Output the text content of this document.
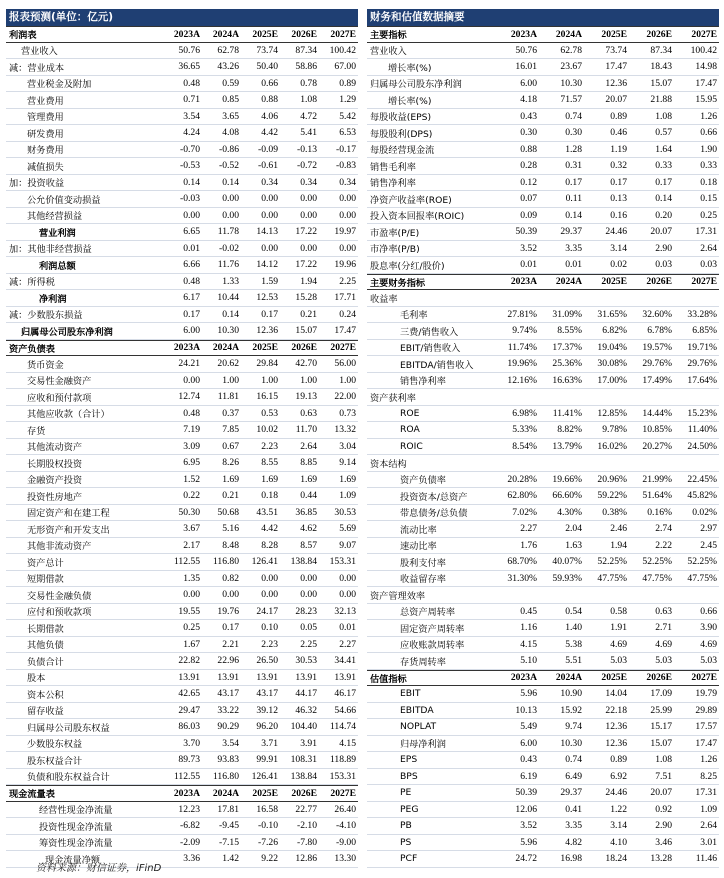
报表预测(单位：亿元)
利润表	2023A	2024A	2025E	2026E	2027E
营业收入	50.76	62.78	73.74	87.34	100.42
减：营业成本	36.65	43.26	50.40	58.86	67.00
营业税金及附加	0.48	0.59	0.66	0.78	0.89
营业费用	0.71	0.85	0.88	1.08	1.29
管理费用	3.54	3.65	4.06	4.72	5.42
研发费用	4.24	4.08	4.42	5.41	6.53
财务费用	-0.70	-0.86	-0.09	-0.13	-0.17
减值损失	-0.53	-0.52	-0.61	-0.72	-0.83
加：投资收益	0.14	0.14	0.34	0.34	0.34
公允价值变动损益	-0.03	0.00	0.00	0.00	0.00
其他经营损益	0.00	0.00	0.00	0.00	0.00
营业利润	6.65	11.78	14.13	17.22	19.97
加：其他非经营损益	0.01	-0.02	0.00	0.00	0.00
利润总额	6.66	11.76	14.12	17.22	19.96
减：所得税	0.48	1.33	1.59	1.94	2.25
净利润	6.17	10.44	12.53	15.28	17.71
减：少数股东损益	0.17	0.14	0.17	0.21	0.24
归属母公司股东净利润	6.00	10.30	12.36	15.07	17.47
资产负债表	2023A	2024A	2025E	2026E	2027E
货币资金	24.21	20.62	29.84	42.70	56.00
交易性金融资产	0.00	1.00	1.00	1.00	1.00
应收和预付款项	12.74	11.81	16.15	19.13	22.00
其他应收款（合计）	0.48	0.37	0.53	0.63	0.73
存货	7.19	7.85	10.02	11.70	13.32
其他流动资产	3.09	0.67	2.23	2.64	3.04
长期股权投资	6.95	8.26	8.55	8.85	9.14
金融资产投资	1.52	1.69	1.69	1.69	1.69
投资性房地产	0.22	0.21	0.18	0.44	1.09
固定资产和在建工程	50.30	50.68	43.51	36.85	30.53
无形资产和开发支出	3.67	5.16	4.42	4.62	5.69
其他非流动资产	2.17	8.48	8.28	8.57	9.07
资产总计	112.55	116.80	126.41	138.84	153.31
短期借款	1.35	0.82	0.00	0.00	0.00
交易性金融负债	0.00	0.00	0.00	0.00	0.00
应付和预收款项	19.55	19.76	24.17	28.23	32.13
长期借款	0.25	0.17	0.10	0.05	0.01
其他负债	1.67	2.21	2.23	2.25	2.27
负债合计	22.82	22.96	26.50	30.53	34.41
股本	13.91	13.91	13.91	13.91	13.91
资本公积	42.65	43.17	43.17	44.17	46.17
留存收益	29.47	33.22	39.12	46.32	54.66
归属母公司股东权益	86.03	90.29	96.20	104.40	114.74
少数股东权益	3.70	3.54	3.71	3.91	4.15
股东权益合计	89.73	93.83	99.91	108.31	118.89
负债和股东权益合计	112.55	116.80	126.41	138.84	153.31
现金流量表	2023A	2024A	2025E	2026E	2027E
经营性现金净流量	12.23	17.81	16.58	22.77	26.40
投资性现金净流量	-6.82	-9.45	-0.10	-2.10	-4.10
筹资性现金净流量	-2.09	-7.15	-7.26	-7.80	-9.00
现金流量净额	3.36	1.42	9.22	12.86	13.30
财务和估值数据摘要
主要指标	2023A	2024A	2025E	2026E	2027E
营业收入	50.76	62.78	73.74	87.34	100.42
增长率(%)	16.01	23.67	17.47	18.43	14.98
归属母公司股东净利润	6.00	10.30	12.36	15.07	17.47
增长率(%)	4.18	71.57	20.07	21.88	15.95
每股收益(EPS)	0.43	0.74	0.89	1.08	1.26
每股股利(DPS)	0.30	0.30	0.46	0.57	0.66
每股经营现金流	0.88	1.28	1.19	1.64	1.90
销售毛利率	0.28	0.31	0.32	0.33	0.33
销售净利率	0.12	0.17	0.17	0.17	0.18
净资产收益率(ROE)	0.07	0.11	0.13	0.14	0.15
投入资本回报率(ROIC)	0.09	0.14	0.16	0.20	0.25
市盈率(P/E)	50.39	29.37	24.46	20.07	17.31
市净率(P/B)	3.52	3.35	3.14	2.90	2.64
股息率(分红/股价)	0.01	0.01	0.02	0.03	0.03
主要财务指标	2023A	2024A	2025E	2026E	2027E
收益率
毛利率	27.81%	31.09%	31.65%	32.60%	33.28%
三费/销售收入	9.74%	8.55%	6.82%	6.78%	6.85%
EBIT/销售收入	11.74%	17.37%	19.04%	19.57%	19.71%
EBITDA/销售收入	19.96%	25.36%	30.08%	29.76%	29.76%
销售净利率	12.16%	16.63%	17.00%	17.49%	17.64%
资产获利率
ROE	6.98%	11.41%	12.85%	14.44%	15.23%
ROA	5.33%	8.82%	9.78%	10.85%	11.40%
ROIC	8.54%	13.79%	16.02%	20.27%	24.50%
资本结构
资产负债率	20.28%	19.66%	20.96%	21.99%	22.45%
投资资本/总资产	62.80%	66.60%	59.22%	51.64%	45.82%
带息债务/总负债	7.02%	4.30%	0.38%	0.16%	0.02%
流动比率	2.27	2.04	2.46	2.74	2.97
速动比率	1.76	1.63	1.94	2.22	2.45
股利支付率	68.70%	40.07%	52.25%	52.25%	52.25%
收益留存率	31.30%	59.93%	47.75%	47.75%	47.75%
资产管理效率
总资产周转率	0.45	0.54	0.58	0.63	0.66
固定资产周转率	1.16	1.40	1.91	2.71	3.90
应收账款周转率	4.15	5.38	4.69	4.69	4.69
存货周转率	5.10	5.51	5.03	5.03	5.03
估值指标	2023A	2024A	2025E	2026E	2027E
EBIT	5.96	10.90	14.04	17.09	19.79
EBITDA	10.13	15.92	22.18	25.99	29.89
NOPLAT	5.49	9.74	12.36	15.17	17.57
归母净利润	6.00	10.30	12.36	15.07	17.47
EPS	0.43	0.74	0.89	1.08	1.26
BPS	6.19	6.49	6.92	7.51	8.25
PE	50.39	29.37	24.46	20.07	17.31
PEG	12.06	0.41	1.22	0.92	1.09
PB	3.52	3.35	3.14	2.90	2.64
PS	5.96	4.82	4.10	3.46	3.01
PCF	24.72	16.98	18.24	13.28	11.46
资料来源：财信证券，iFinD
